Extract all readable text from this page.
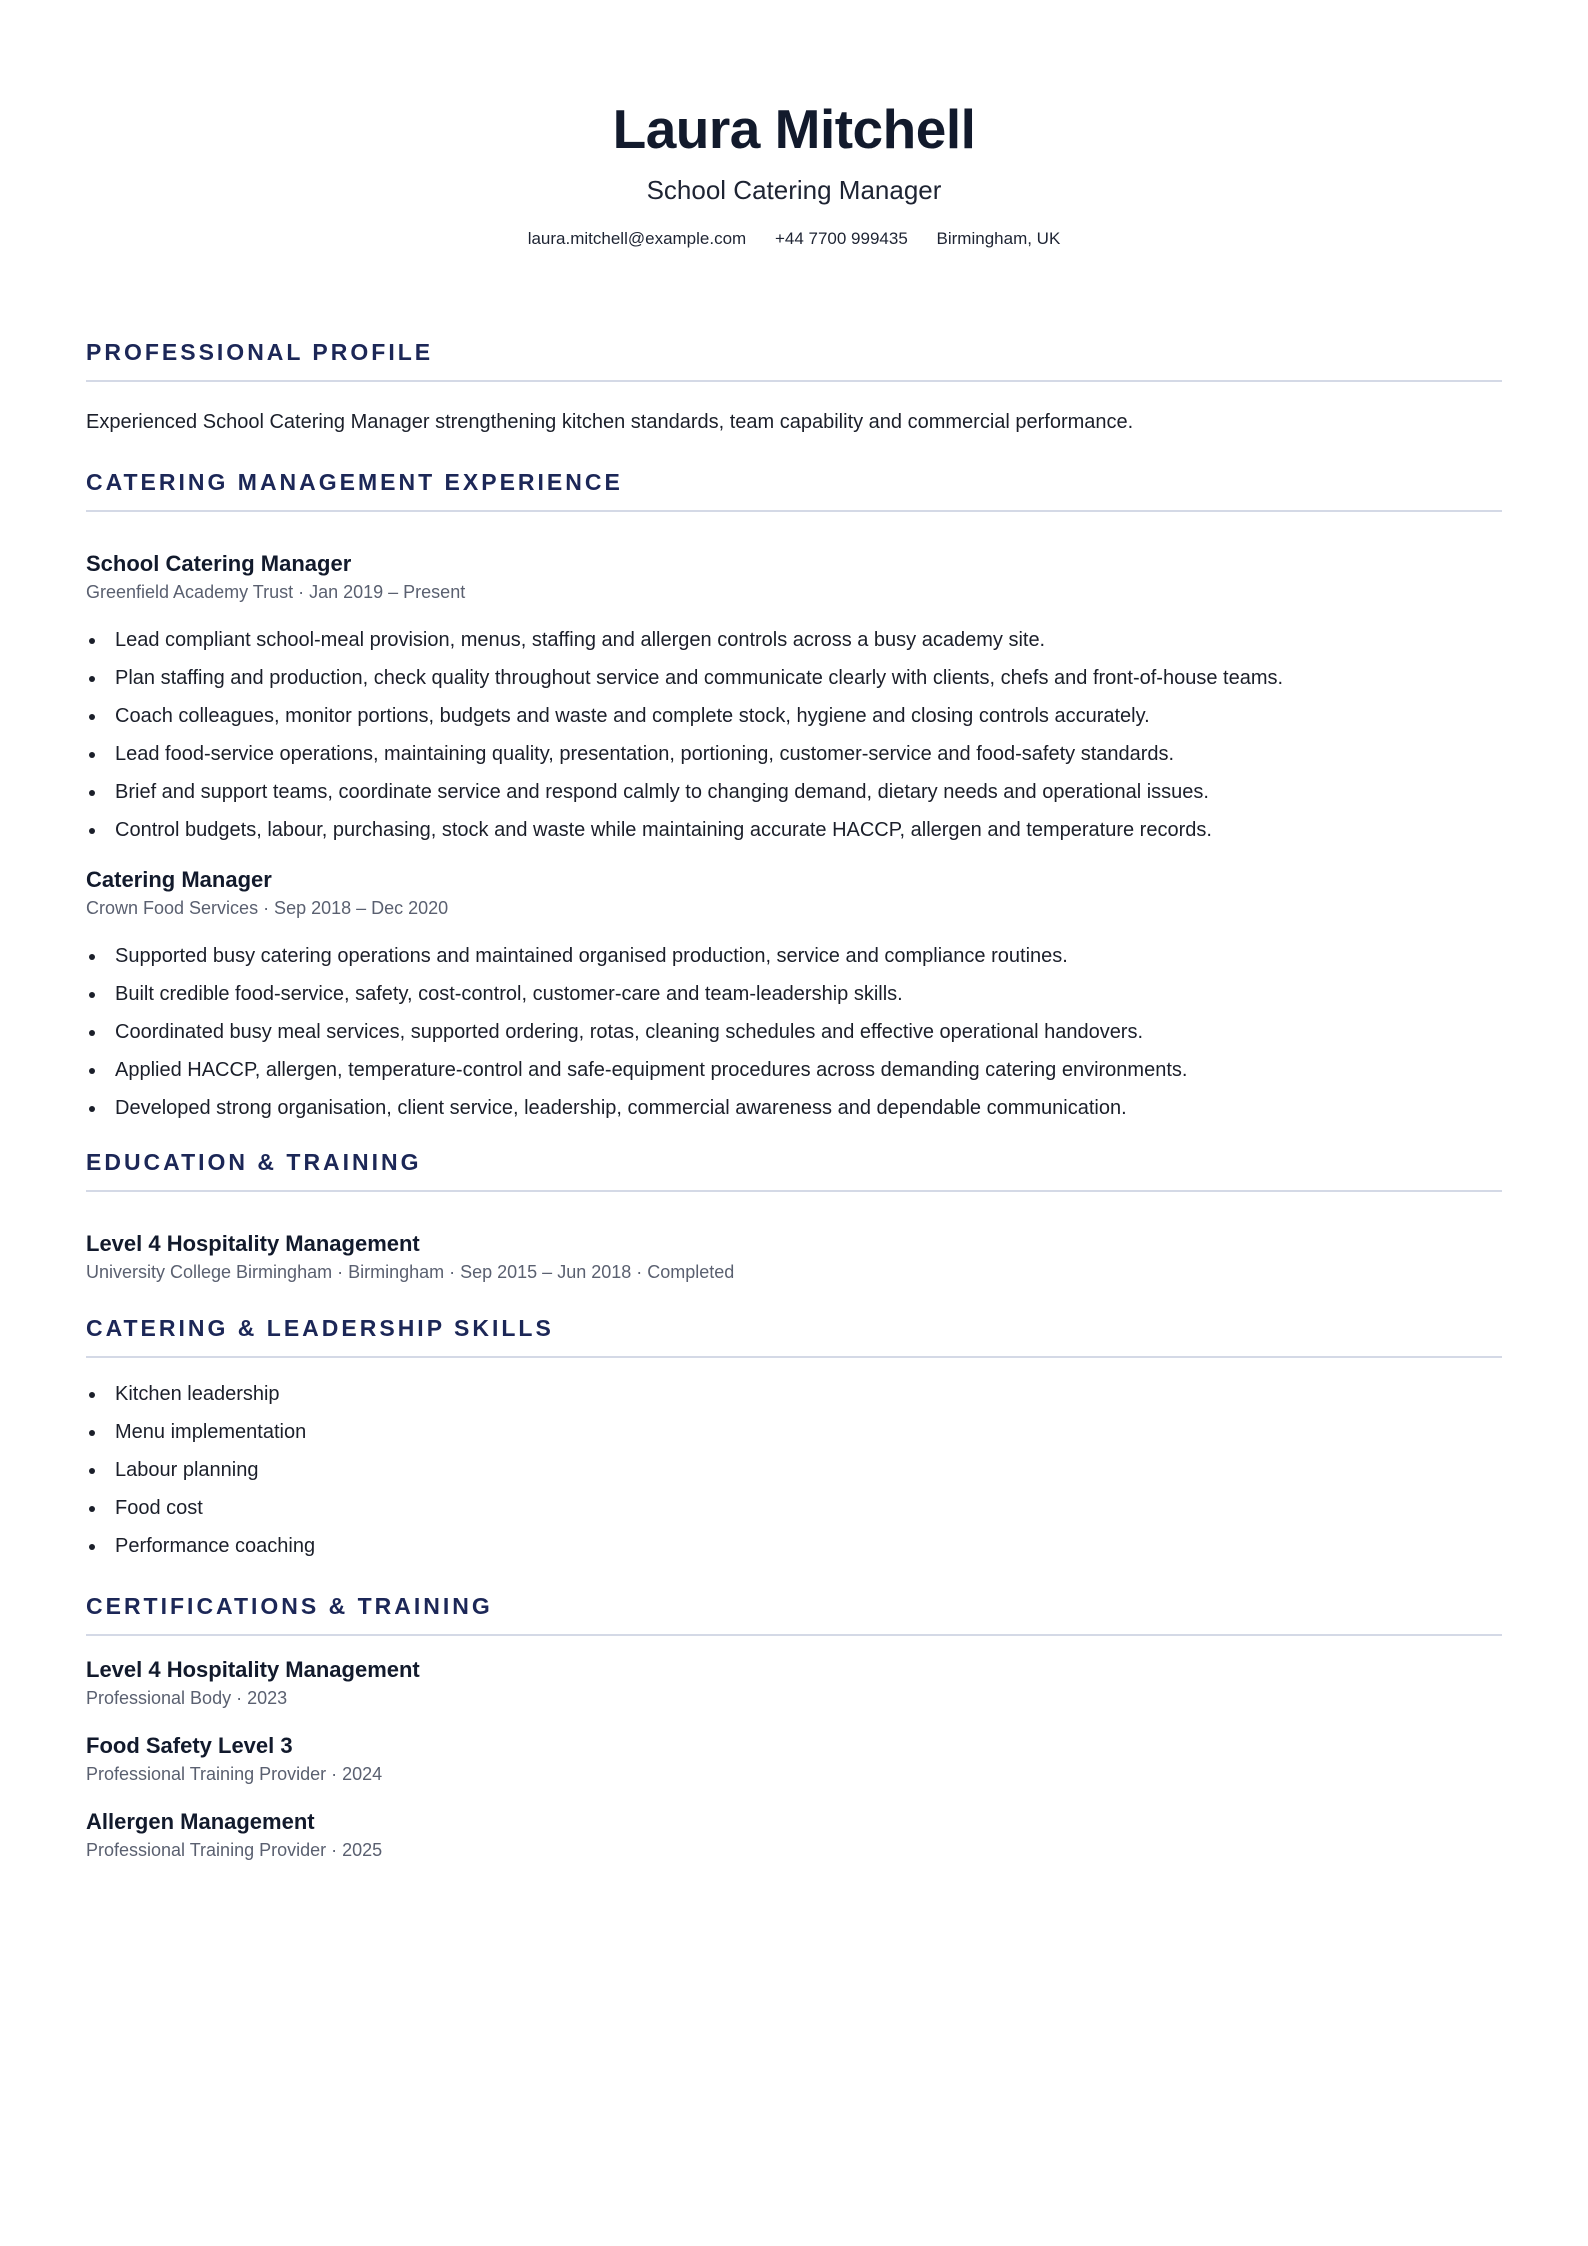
Laura Mitchell
School Catering Manager
laura.mitchell@example.com +44 7700 999435 Birmingham, UK
PROFESSIONAL PROFILE
Experienced School Catering Manager strengthening kitchen standards, team capability and commercial performance.
CATERING MANAGEMENT EXPERIENCE
School Catering Manager
Greenfield Academy Trust · Jan 2019 – Present
Lead compliant school-meal provision, menus, staffing and allergen controls across a busy academy site.
Plan staffing and production, check quality throughout service and communicate clearly with clients, chefs and front-of-house teams.
Coach colleagues, monitor portions, budgets and waste and complete stock, hygiene and closing controls accurately.
Lead food-service operations, maintaining quality, presentation, portioning, customer-service and food-safety standards.
Brief and support teams, coordinate service and respond calmly to changing demand, dietary needs and operational issues.
Control budgets, labour, purchasing, stock and waste while maintaining accurate HACCP, allergen and temperature records.
Catering Manager
Crown Food Services · Sep 2018 – Dec 2020
Supported busy catering operations and maintained organised production, service and compliance routines.
Built credible food-service, safety, cost-control, customer-care and team-leadership skills.
Coordinated busy meal services, supported ordering, rotas, cleaning schedules and effective operational handovers.
Applied HACCP, allergen, temperature-control and safe-equipment procedures across demanding catering environments.
Developed strong organisation, client service, leadership, commercial awareness and dependable communication.
EDUCATION & TRAINING
Level 4 Hospitality Management
University College Birmingham · Birmingham · Sep 2015 – Jun 2018 · Completed
CATERING & LEADERSHIP SKILLS
Kitchen leadership
Menu implementation
Labour planning
Food cost
Performance coaching
CERTIFICATIONS & TRAINING
Level 4 Hospitality Management
Professional Body · 2023
Food Safety Level 3
Professional Training Provider · 2024
Allergen Management
Professional Training Provider · 2025
